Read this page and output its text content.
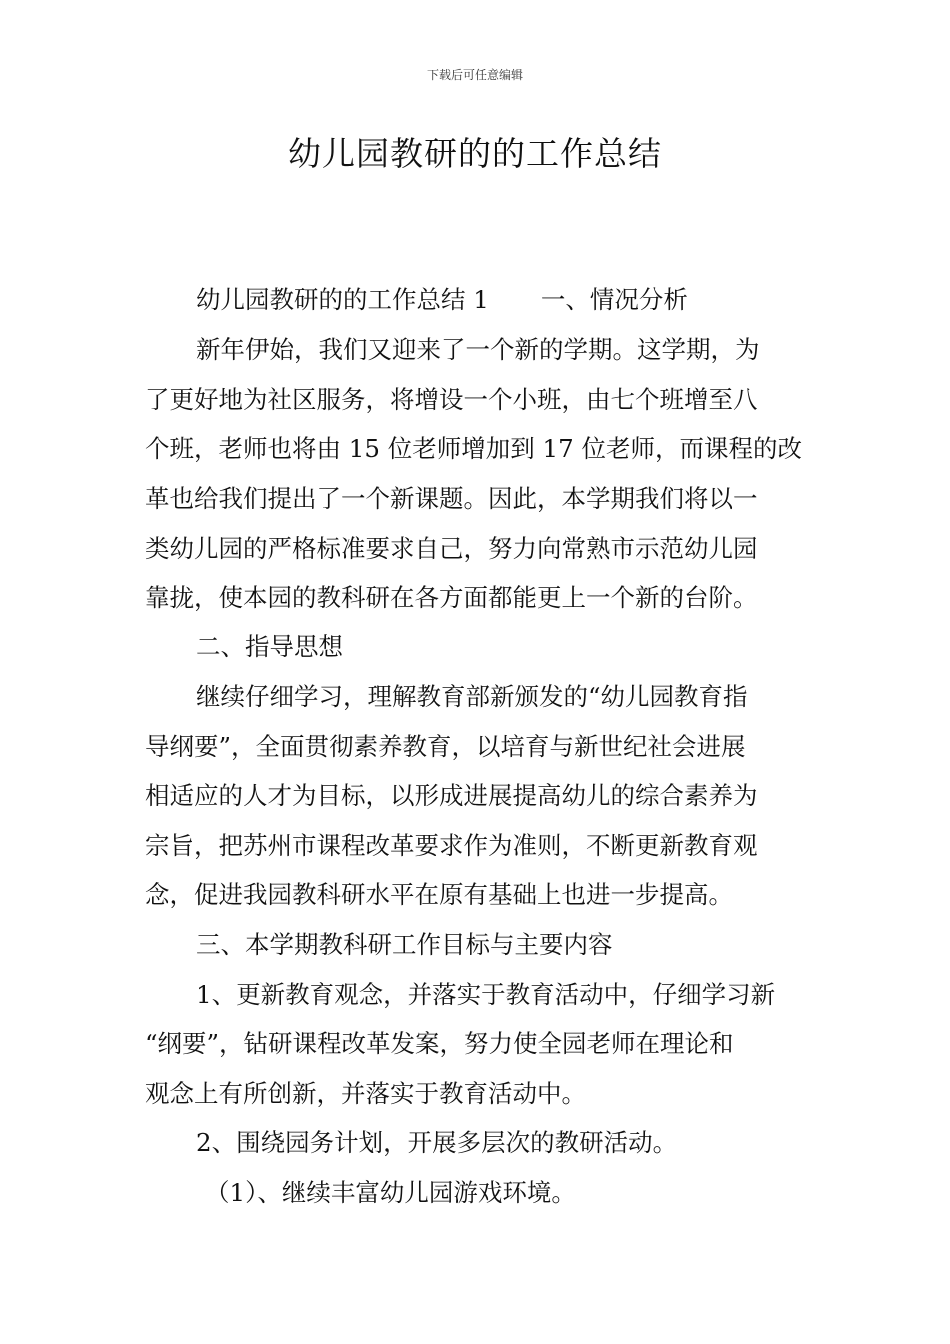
下载后可任意编辑
幼儿园教研的的工作总结
幼儿园教研的的工作总结 1 一、情况分析
新年伊始，我们又迎来了一个新的学期。这学期，为
了更好地为社区服务，将增设一个小班，由七个班增至八
个班，老师也将由 15 位老师增加到 17 位老师，而课程的改
革也给我们提出了一个新课题。因此，本学期我们将以一
类幼儿园的严格标准要求自己，努力向常熟市示范幼儿园
靠拢，使本园的教科研在各方面都能更上一个新的台阶。
二、指导思想
继续仔细学习，理解教育部新颁发的“幼儿园教育指
导纲要”，全面贯彻素养教育，以培育与新世纪社会进展
相适应的人才为目标，以形成进展提高幼儿的综合素养为
宗旨，把苏州市课程改革要求作为准则，不断更新教育观
念，促进我园教科研水平在原有基础上也进一步提高。
三、本学期教科研工作目标与主要内容
1、更新教育观念，并落实于教育活动中，仔细学习新
“纲要”，钻研课程改革发案，努力使全园老师在理论和
观念上有所创新，并落实于教育活动中。
2、围绕园务计划，开展多层次的教研活动。
（1）、继续丰富幼儿园游戏环境。
